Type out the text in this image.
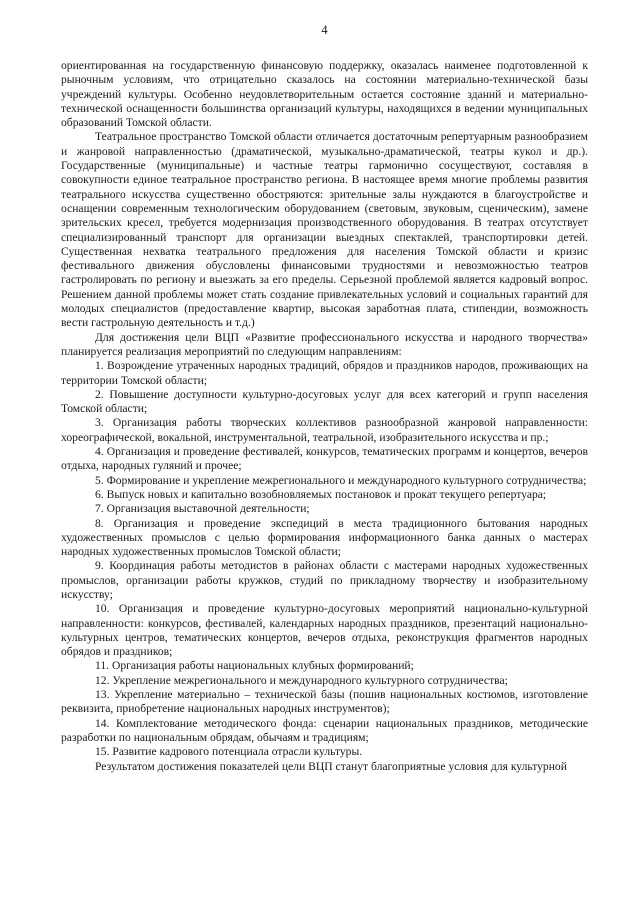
4

ориентированная на государственную финансовую поддержку, оказалась наименее подготовленной к рыночным условиям, что отрицательно сказалось на состоянии материально-технической базы учреждений культуры. Особенно неудовлетворительным остается состояние зданий и материально-технической оснащенности большинства организаций культуры, находящихся в ведении муниципальных образований Томской области.

Театральное пространство Томской области отличается достаточным репертуарным разнообразием и жанровой направленностью (драматической, музыкально-драматической, театры кукол и др.). Государственные (муниципальные) и частные театры гармонично сосуществуют, составляя в совокупности единое театральное пространство региона. В настоящее время многие проблемы развития театрального искусства существенно обостряются: зрительные залы нуждаются в благоустройстве и оснащении современным технологическим оборудованием (световым, звуковым, сценическим), замене зрительских кресел, требуется модернизация производственного оборудования. В театрах отсутствует специализированный транспорт для организации выездных спектаклей, транспортировки детей. Существенная нехватка театрального предложения для населения Томской области и кризис фестивального движения обусловлены финансовыми трудностями и невозможностью театров гастролировать по региону и выезжать за его пределы. Серьезной проблемой является кадровый вопрос. Решением данной проблемы может стать создание привлекательных условий и социальных гарантий для молодых специалистов (предоставление квартир, высокая заработная плата, стипендии, возможность вести гастрольную деятельность и т.д.)

Для достижения цели ВЦП «Развитие профессионального искусства и народного творчества» планируется реализация мероприятий по следующим направлениям:

1. Возрождение утраченных народных традиций, обрядов и праздников народов, проживающих на территории Томской области;

2. Повышение доступности культурно-досуговых услуг для всех категорий и групп населения Томской области;

3. Организация работы творческих коллективов разнообразной жанровой направленности: хореографической, вокальной, инструментальной, театральной, изобразительного искусства и пр.;

4. Организация и проведение фестивалей, конкурсов, тематических программ и концертов, вечеров отдыха, народных гуляний и прочее;

5. Формирование и укрепление межрегионального и международного культурного сотрудничества;

6. Выпуск новых и капитально возобновляемых постановок и прокат текущего репертуара;

7. Организация выставочной деятельности;

8. Организация и проведение экспедиций в места традиционного бытования народных художественных промыслов с целью формирования информационного банка данных о мастерах народных художественных промыслов Томской области;

9. Координация работы методистов в районах области с мастерами народных художественных промыслов, организации работы кружков, студий по прикладному творчеству и изобразительному искусству;

10. Организация и проведение культурно-досуговых мероприятий национально-культурной направленности: конкурсов, фестивалей, календарных народных праздников, презентаций национально-культурных центров, тематических концертов, вечеров отдыха, реконструкция фрагментов народных обрядов и праздников;

11. Организация работы национальных клубных формирований;

12. Укрепление межрегионального и международного культурного сотрудничества;

13. Укрепление материально – технической базы (пошив национальных костюмов, изготовление реквизита, приобретение национальных народных инструментов);

14. Комплектование методического фонда: сценарии национальных праздников, методические разработки по национальным обрядам, обычаям и традициям;

15. Развитие кадрового потенциала отрасли культуры.

Результатом достижения показателей цели ВЦП станут благоприятные условия для культурной
